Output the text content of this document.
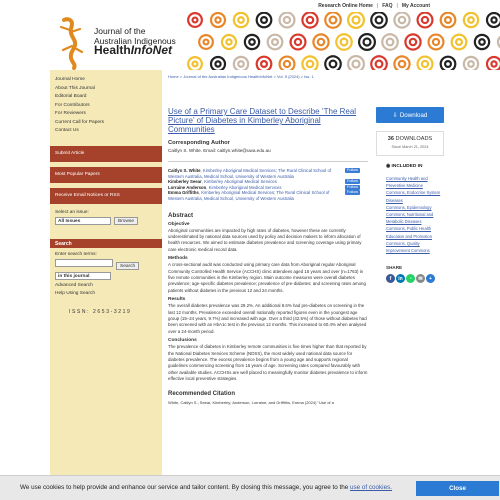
Research Online Home | FAQ | My Account
Journal of the
Australian Indigenous
HealthInfoNet
Journal Home
About This Journal
Editorial Board
For Contributors
For Reviewers
Current Call for Papers
Contact Us
Submit Article
Most Popular Papers
Receive Email Notices or RSS
Select an issue:
All Issues	Browse
Search
Enter search terms:
Search
in this journal
Advanced Search
Help Using Search
ISSN: 2653-3219
Home > Journal of the Australian Indigenous HealthInfoNet > Vol. 5 (2024) > Iss. 1
Use of a Primary Care Dataset to Describe ‘The Real Picture’ of Diabetes in Kimberley Aboriginal Communities
Corresponding Author
Caitlyn S. White. Email: caitlyn.white@uwa.edu.au
Caitlyn S. White, Kimberley Aboriginal Medical Services; The Rural Clinical School of Western Australia, Medical School, University of Western Australia
Follow
Kimberley Seear, Kimberley Aboriginal Medical Services	Follow
Lorraine Anderson, Kimberley Aboriginal Medical Services	Follow
Emma Griffiths, Kimberley Aboriginal Medical Services; The Rural Clinical School of Western Australia, Medical School, University of Western Australia
Follow
Abstract
Objective
Aboriginal communities are impacted by high rates of diabetes, however these are currently underestimated by national data sources used by policy and decision makers to inform allocation of health resources. We aimed to estimate diabetes prevalence and screening coverage using primary care electronic medical record data.
Methods
A cross-sectional audit was conducted using primary care data from Aboriginal regular Aboriginal Community Controlled Health Service (ACCHS) clinic attendees aged 15 years and over (n=1763) in five remote communities in the Kimberley region. Main outcome measures were overall diabetes prevalence; age-specific diabetes prevalence; prevalence of pre-diabetes; and screening rates among patients without diabetes in the previous 12 and 24 months.
Results
The overall diabetes prevalence was 29.2%. An additional 8.6% had pre-diabetes on screening in the last 12 months. Prevalence exceeded overall nationally reported figures even in the youngest age group (15–24 years, 9.7%) and increased with age. Over a third (42.5%) of those without diabetes had been screened with an HbA1c test in the previous 12 months. This increased to 60.4% when analysed over a 24-month period.
Conclusions
The prevalence of diabetes in Kimberley remote communities is five times higher than that reported by the National Diabetes Services Scheme (NDSS), the most widely used national data source for diabetes prevalence. The excess prevalence begins from a young age and supports regional guidelines commencing screening from 15 years of age. Screening rates compared favourably with other available studies. ACCHSs are well placed to meaningfully monitor diabetes prevalence to inform effective local preventive strategies.
Recommended Citation
White, Caitlyn S.; Seear, Kimberley; Anderson, Lorraine; and Griffiths, Emma (2024) "Use of a
⇩ Download
36 DOWNLOADS
Since March 21, 2024
◉ INCLUDED IN
Community Health and Preventive Medicine
Commons, Endocrine System Diseases
Commons, Epidemiology
Commons, Nutritional and Metabolic Diseases
Commons, Public Health Education and Promotion
Commons, Quality Improvement Commons
SHARE
f	in	◔	✉	+
We use cookies to help provide and enhance our service and tailor content. By closing this message, you agree to the use of cookies.	Close
